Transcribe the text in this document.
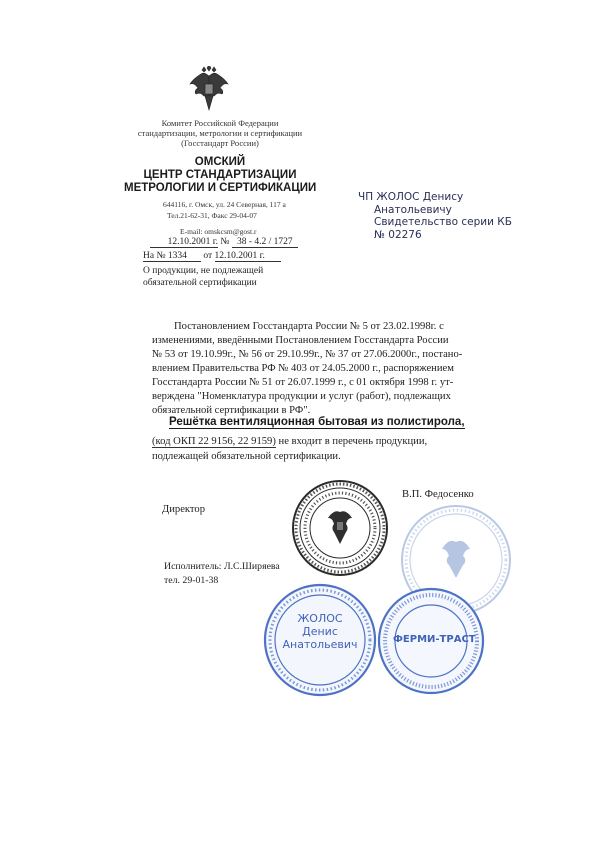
Комитет Российской Федерации
стандартизации, метрологии и сертификации
(Госстандарт России)
ОМСКИЙ
ЦЕНТР СТАНДАРТИЗАЦИИ
МЕТРОЛОГИИ И СЕРТИФИКАЦИИ
644116, г. Омск, ул. 24 Северная, 117 а
Тел.21-62-31, Факс 29-04-07
E-mail: omskcsm@gost.r
12.10.2001 г. № 38 - 4.2 / 1727
На № 1334 от 12.10.2001 г.
О продукции, не подлежащей
обязательной сертификации
ЧП ЖОЛОС Денису
Анатольевичу
Свидетельство серии КБ
№ 02276
Постановлением Госстандарта России № 5 от 23.02.1998г. с
изменениями, введёнными Постановлением Госстандарта России
№ 53 от 19.10.99г., № 56 от 29.10.99г., № 37 от 27.06.2000г., постано-
влением Правительства РФ № 403 от 24.05.2000 г., распоряжением
Госстандарта России № 51 от 26.07.1999 г., с 01 октября 1998 г. ут-
верждена "Номенклатура продукции и услуг (работ), подлежащих
обязательной сертификации в РФ".
Решётка вентиляционная бытовая из полистирола,
(код ОКП 22 9156, 22 9159) не входит в перечень продукции,
подлежащей обязательной сертификации.
Директор
В.П. Федосенко
Исполнитель: Л.С.Ширяева
тел. 29-01-38
ЖОЛОС
Денис
Анатольевич	ФЕРМИ-ТРАСТ
